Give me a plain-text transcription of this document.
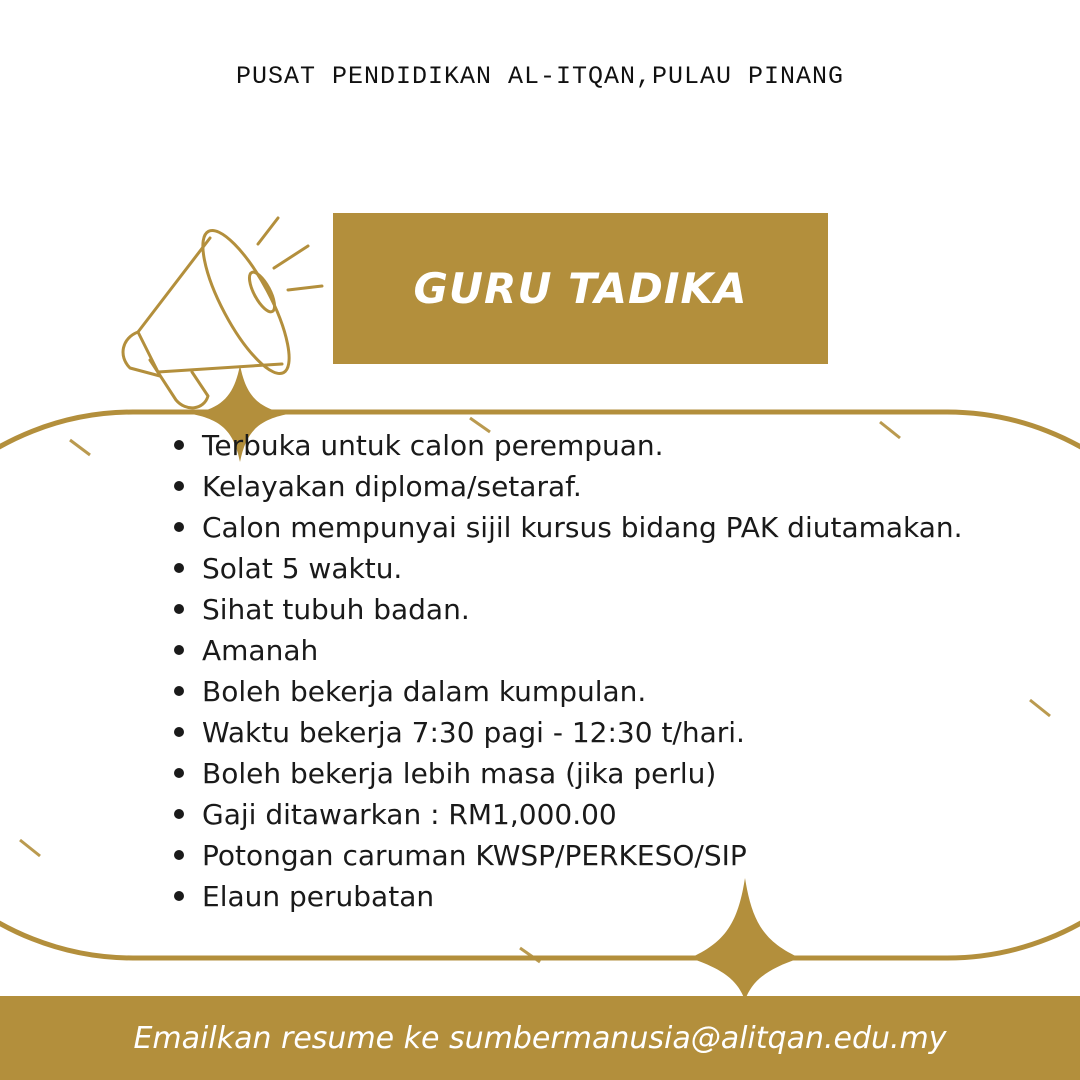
PUSAT PENDIDIKAN AL-ITQAN,PULAU PINANG
GURU TADIKA
Terbuka untuk calon perempuan.
Kelayakan diploma/setaraf.
Calon mempunyai sijil kursus bidang PAK diutamakan.
Solat 5 waktu.
Sihat tubuh badan.
Amanah
Boleh bekerja dalam kumpulan.
Waktu bekerja 7:30 pagi - 12:30 t/hari.
Boleh bekerja lebih masa (jika perlu)
Gaji ditawarkan : RM1,000.00
Potongan caruman KWSP/PERKESO/SIP
Elaun perubatan
Emailkan resume ke sumbermanusia@alitqan.edu.my
